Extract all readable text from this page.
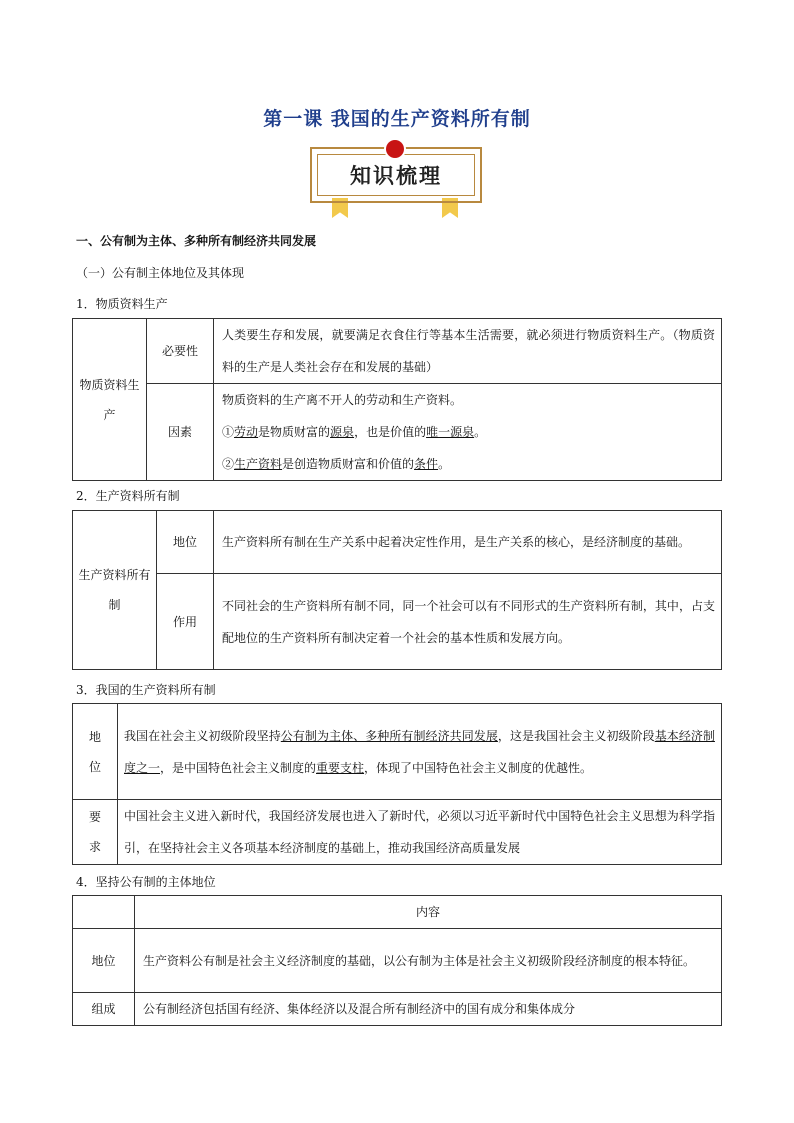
第一课 我国的生产资料所有制
知识梳理
一、公有制为主体、多种所有制经济共同发展
（一）公有制主体地位及其体现
1．物质资料生产
物质资料生产	必要性	人类要生存和发展，就要满足衣食住行等基本生活需要，就必须进行物质资料生产。（物质资料的生产是人类社会存在和发展的基础）
	因素	物质资料的生产离不开人的劳动和生产资料。
①劳动是物质财富的源泉，也是价值的唯一源泉。
②生产资料是创造物质财富和价值的条件。
2．生产资料所有制
生产资料所有制	地位	生产资料所有制在生产关系中起着决定性作用，是生产关系的核心，是经济制度的基础。
	作用	不同社会的生产资料所有制不同，同一个社会可以有不同形式的生产资料所有制，其中，占支配地位的生产资料所有制决定着一个社会的基本性质和发展方向。
3．我国的生产资料所有制
地位	我国在社会主义初级阶段坚持公有制为主体、多种所有制经济共同发展，这是我国社会主义初级阶段基本经济制度之一，是中国特色社会主义制度的重要支柱，体现了中国特色社会主义制度的优越性。
要求	中国社会主义进入新时代，我国经济发展也进入了新时代，必须以习近平新时代中国特色社会主义思想为科学指引，在坚持社会主义各项基本经济制度的基础上，推动我国经济高质量发展
4．坚持公有制的主体地位
	内容
地位	生产资料公有制是社会主义经济制度的基础，以公有制为主体是社会主义初级阶段经济制度的根本特征。
组成	公有制经济包括国有经济、集体经济以及混合所有制经济中的国有成分和集体成分
